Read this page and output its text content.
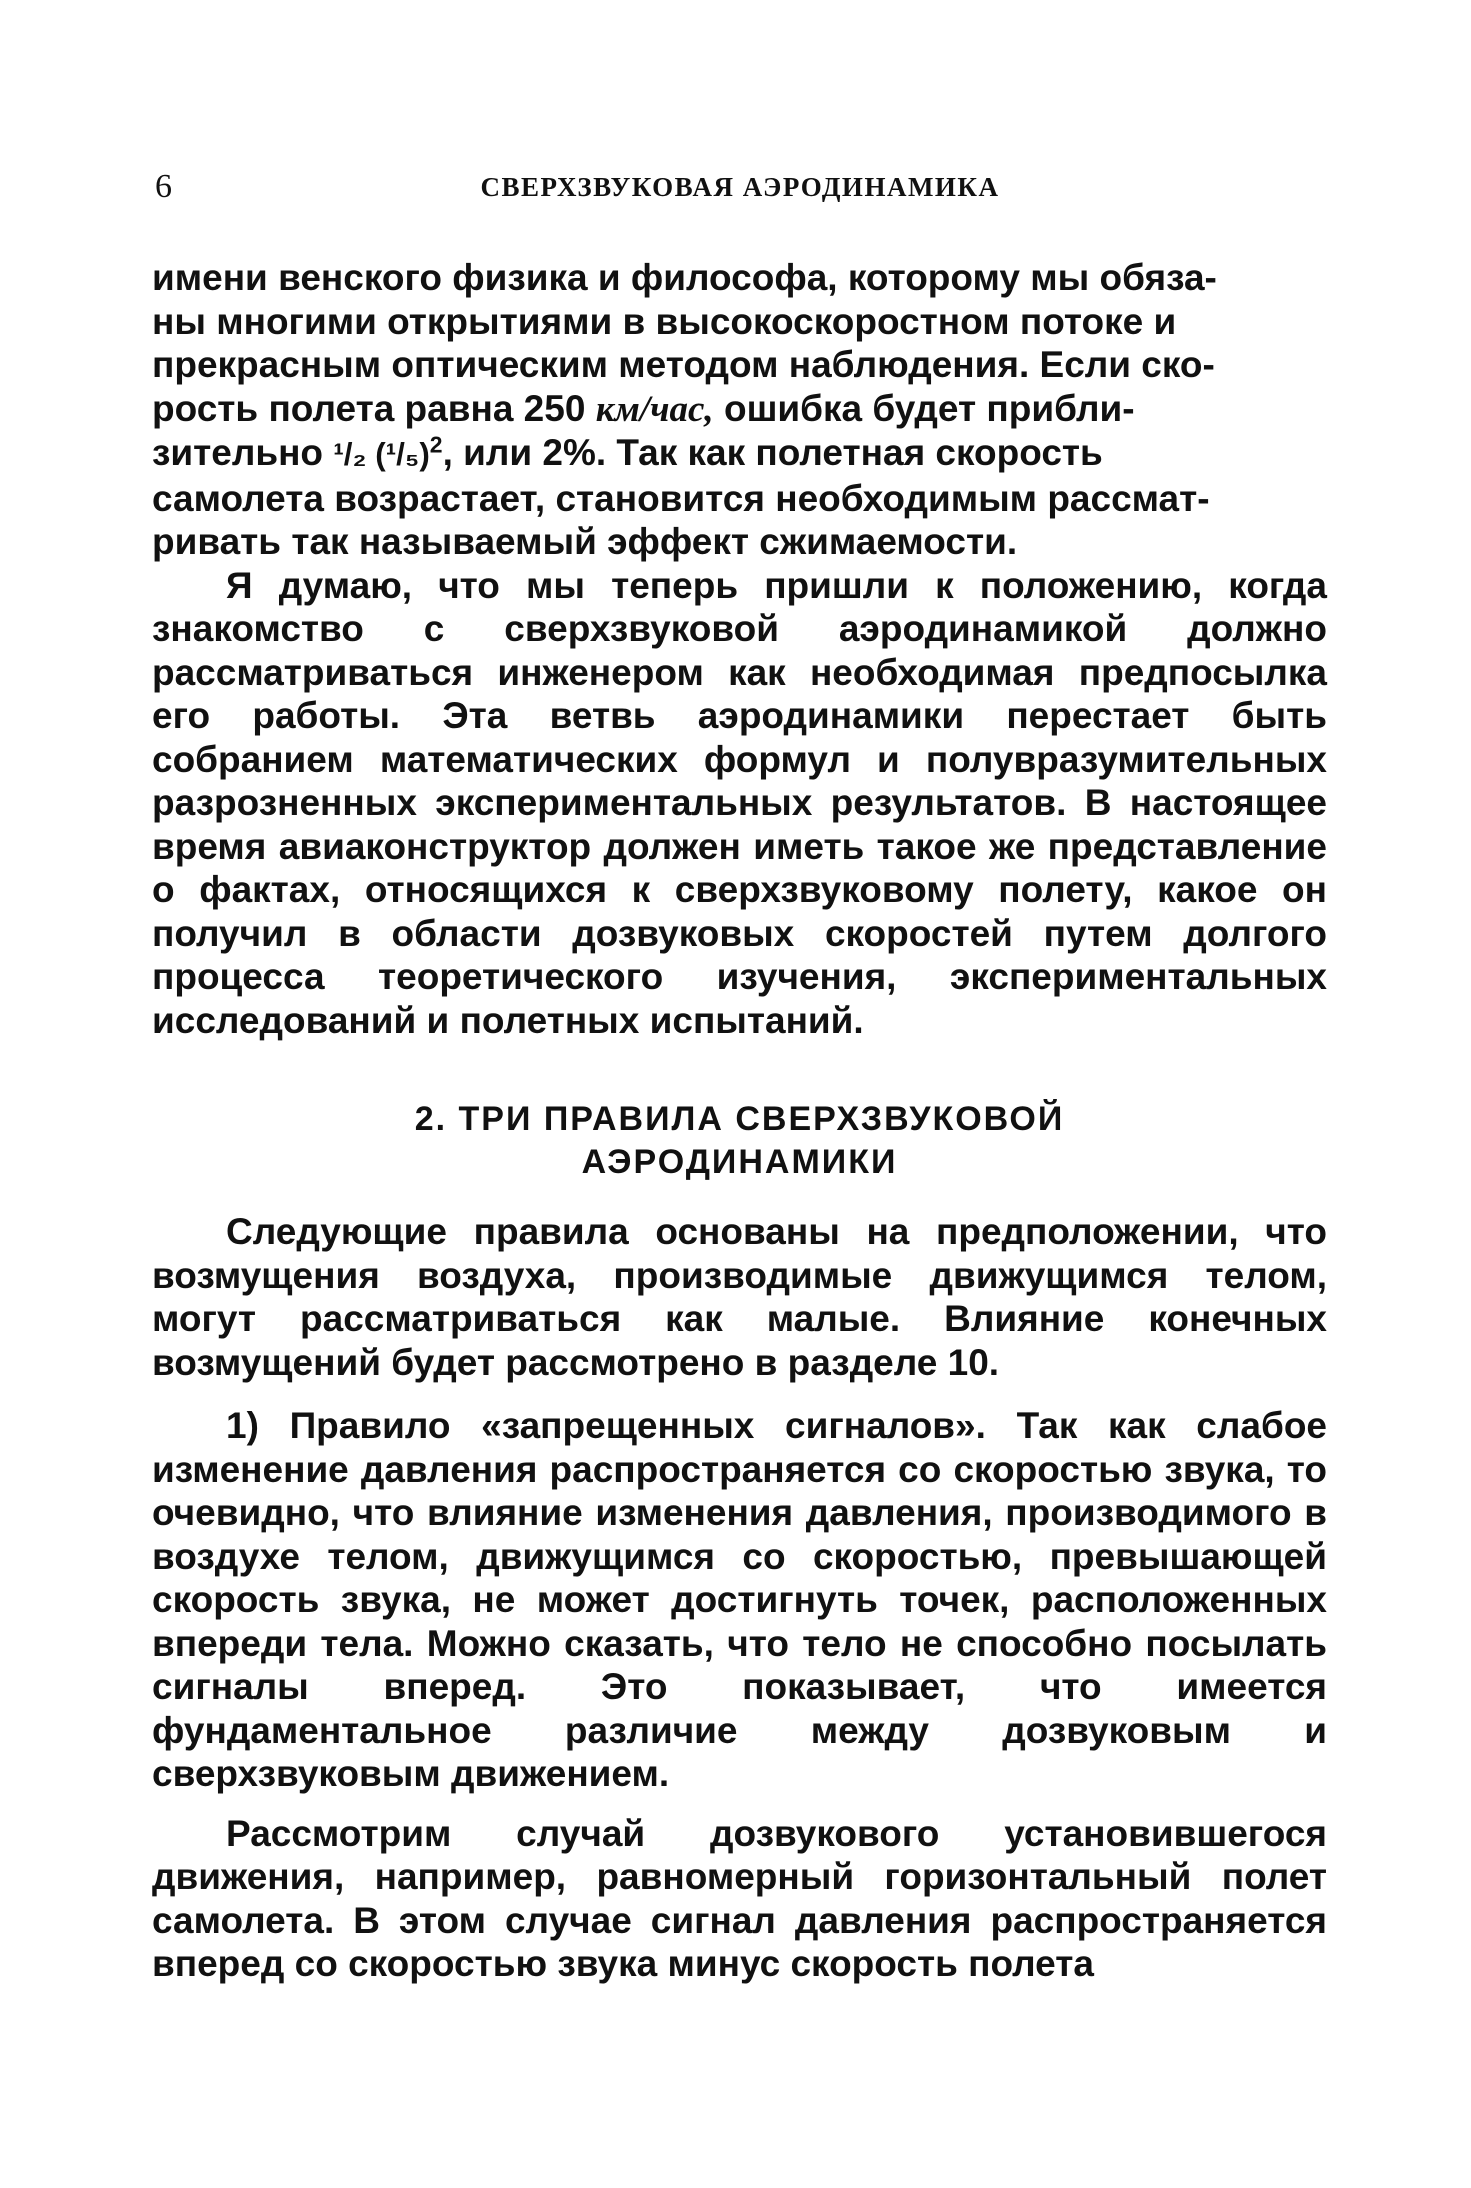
6	СВЕРХЗВУКОВАЯ АЭРОДИНАМИКА

имени венского физика и философа, которому мы обяза-
ны многими открытиями в высокоскоростном потоке и
прекрасным оптическим методом наблюдения. Если ско-
рость полета равна 250 км/час, ошибка будет прибли-
зительно ¹/₂ $(^1/_5)^2$, или 2%. Так как полетная скорость
самолета возрастает, становится необходимым рассмат-
ривать так называемый эффект сжимаемости.

Я думаю, что мы теперь пришли к положению, когда знакомство с сверхзвуковой аэродинамикой должно рассматриваться инженером как необходимая предпосылка его работы. Эта ветвь аэродинамики перестает быть собранием математических формул и полувразумительных разрозненных экспериментальных результатов. В настоящее время авиаконструктор должен иметь такое же представление о фактах, относящихся к сверхзвуковому полету, какое он получил в области дозвуковых скоростей путем долгого процесса теоретического изучения, экспериментальных исследований и полетных испытаний.

2. ТРИ ПРАВИЛА СВЕРХЗВУКОВОЙ
АЭРОДИНАМИКИ

Следующие правила основаны на предположении, что возмущения воздуха, производимые движущимся телом, могут рассматриваться как малые. Влияние конечных возмущений будет рассмотрено в разделе 10.

1) Правило «запрещенных сигналов». Так как слабое изменение давления распространяется со скоростью звука, то очевидно, что влияние изменения давления, производимого в воздухе телом, движущимся со скоростью, превышающей скорость звука, не может достигнуть точек, расположенных впереди тела. Можно сказать, что тело не способно посылать сигналы вперед. Это показывает, что имеется фундаментальное различие между дозвуковым и сверхзвуковым движением.

Рассмотрим случай дозвукового установившегося движения, например, равномерный горизонтальный полет самолета. В этом случае сигнал давления распространяется вперед со скоростью звука минус скорость полета
